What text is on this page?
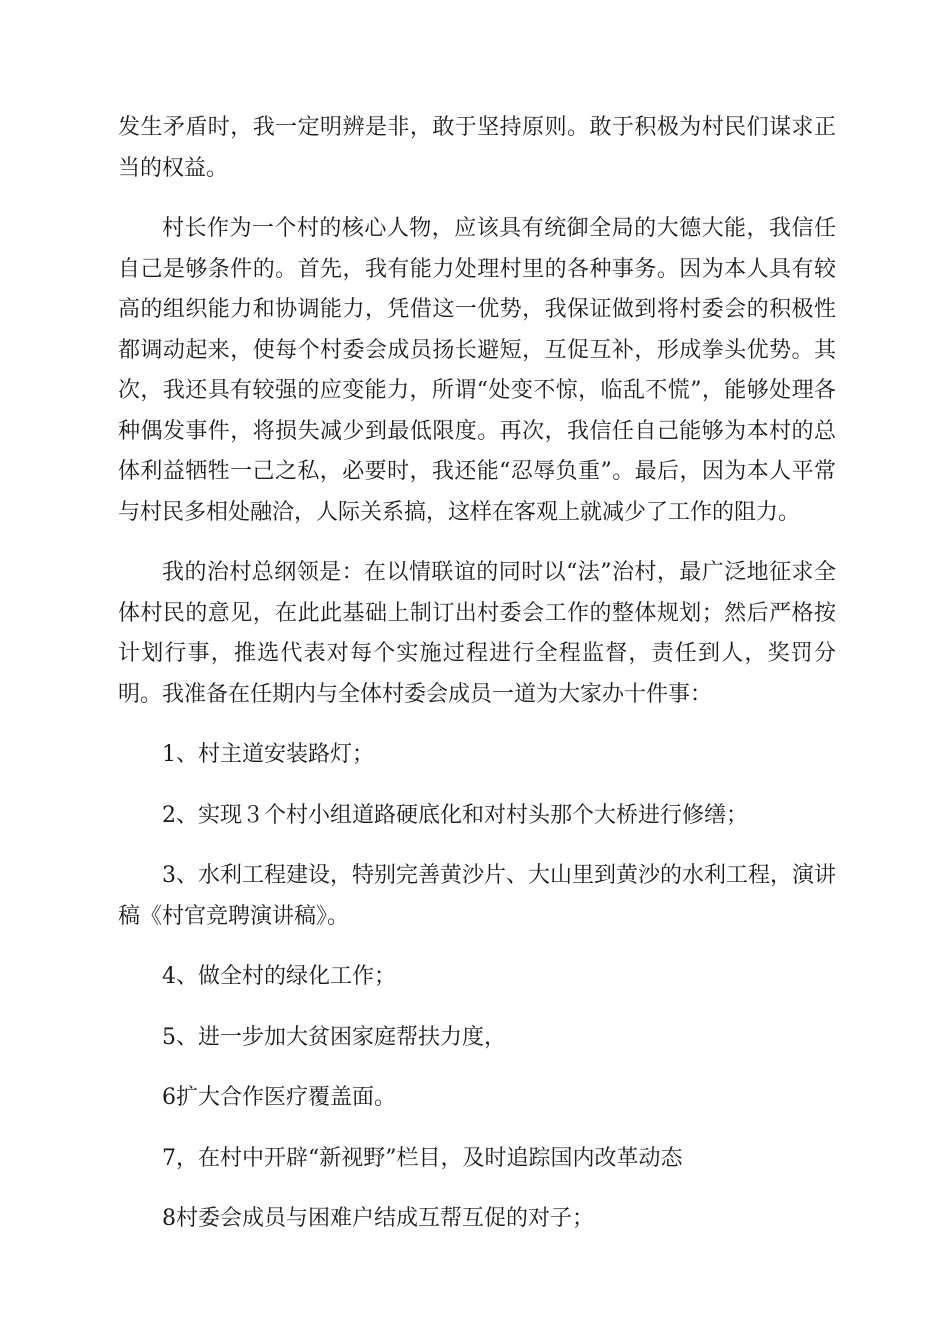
发生矛盾时，我一定明辨是非，敢于坚持原则。敢于积极为村民们谋求正当的权益。

村长作为一个村的核心人物，应该具有统御全局的大德大能，我信任自己是够条件的。首先，我有能力处理村里的各种事务。因为本人具有较高的组织能力和协调能力，凭借这一优势，我保证做到将村委会的积极性都调动起来，使每个村委会成员扬长避短，互促互补，形成拳头优势。其次，我还具有较强的应变能力，所谓“处变不惊，临乱不慌”，能够处理各种偶发事件，将损失减少到最低限度。再次，我信任自己能够为本村的总体利益牺牲一己之私，必要时，我还能“忍辱负重”。最后，因为本人平常与村民多相处融洽，人际关系搞，这样在客观上就减少了工作的阻力。

我的治村总纲领是：在以情联谊的同时以“法”治村，最广泛地征求全体村民的意见，在此此基础上制订出村委会工作的整体规划；然后严格按计划行事，推选代表对每个实施过程进行全程监督，责任到人，奖罚分明。我准备在任期内与全体村委会成员一道为大家办十件事：

1、村主道安装路灯；

2、实现３个村小组道路硬底化和对村头那个大桥进行修缮；

3、水利工程建设，特别完善黄沙片、大山里到黄沙的水利工程，演讲稿《村官竞聘演讲稿》。

4、做全村的绿化工作；

5、进一步加大贫困家庭帮扶力度，

6扩大合作医疗覆盖面。

7，在村中开辟“新视野”栏目，及时追踪国内改革动态

8村委会成员与困难户结成互帮互促的对子；
